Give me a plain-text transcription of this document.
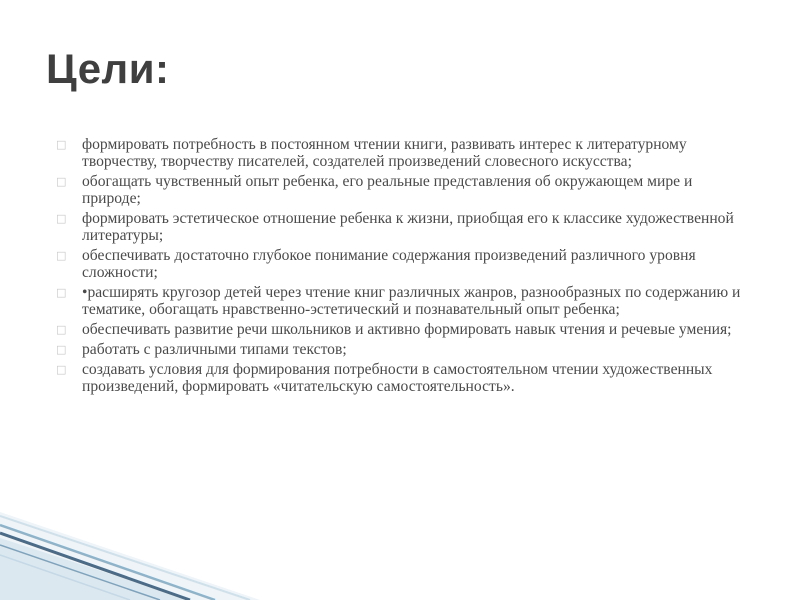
Цели:
□ формировать потребность в постоянном чтении книги, развивать интерес к литературному творчеству, творчеству писателей, создателей произведений словесного искусства;
□ обогащать чувственный опыт ребенка, его реальные представления об окружающем мире и природе;
□ формировать эстетическое отношение ребенка к жизни, приобщая его к классике художественной литературы;
□ обеспечивать достаточно глубокое понимание содержания произведений различного уровня сложности;
□ •расширять кругозор детей через чтение книг различных жанров, разнообразных по содержанию и тематике, обогащать нравственно-эстетический и познавательный опыт ребенка;
□ обеспечивать развитие речи школьников и активно формировать навык чтения и речевые умения;
□ работать с различными типами текстов;
□ создавать условия для формирования потребности в самостоятельном чтении художественных произведений, формировать «читательскую самостоятельность».
